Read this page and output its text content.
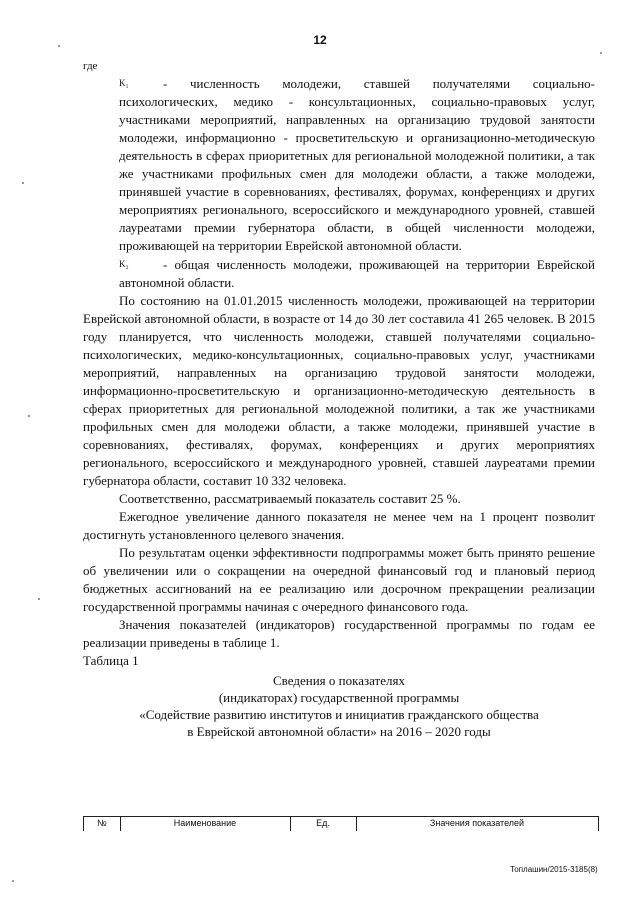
12

где

K₁	- численность молодежи, ставшей получателями социально-психологических, медико - консультационных, социально-правовых услуг, участниками мероприятий, направленных на организацию трудовой занятости молодежи, информационно - просветительскую и организационно-методическую деятельность в сферах приоритетных для региональной молодежной политики, а так же участниками профильных смен для молодежи области, а также молодежи, принявшей участие в соревнованиях, фестивалях, форумах, конференциях и других мероприятиях регионального, всероссийского и международного уровней, ставшей лауреатами премии губернатора области, в общей численности молодежи, проживающей на территории Еврейской автономной области.

K₂	- общая численность молодежи, проживающей на территории Еврейской автономной области.

По состоянию на 01.01.2015 численность молодежи, проживающей на территории Еврейской автономной области, в возрасте от 14 до 30 лет составила 41 265 человек. В 2015 году планируется, что численность молодежи, ставшей получателями социально-психологических, медико-консультационных, социально-правовых услуг, участниками мероприятий, направленных на организацию трудовой занятости молодежи, информационно-просветительскую и организационно-методическую деятельность в сферах приоритетных для региональной молодежной политики, а так же участниками профильных смен для молодежи области, а также молодежи, принявшей участие в соревнованиях, фестивалях, форумах, конференциях и других мероприятиях регионального, всероссийского и международного уровней, ставшей лауреатами премии губернатора области, составит 10 332 человека.

Соответственно, рассматриваемый показатель составит 25 %.

Ежегодное увеличение данного показателя не менее чем на 1 процент позволит достигнуть установленного целевого значения.

По результатам оценки эффективности подпрограммы может быть принято решение об увеличении или о сокращении на очередной финансовый год и плановый период бюджетных ассигнований на ее реализацию или досрочном прекращении реализации государственной программы начиная с очередного финансового года.

Значения показателей (индикаторов) государственной программы по годам ее реализации приведены в таблице 1.

Таблица 1

Сведения о показателях
(индикаторах) государственной программы
«Содействие развитию институтов и инициатив гражданского общества
в Еврейской автономной области» на 2016 – 2020 годы
№	Наименование	Ед.	Значения показателей
Топлашин/2015-3185(8)
